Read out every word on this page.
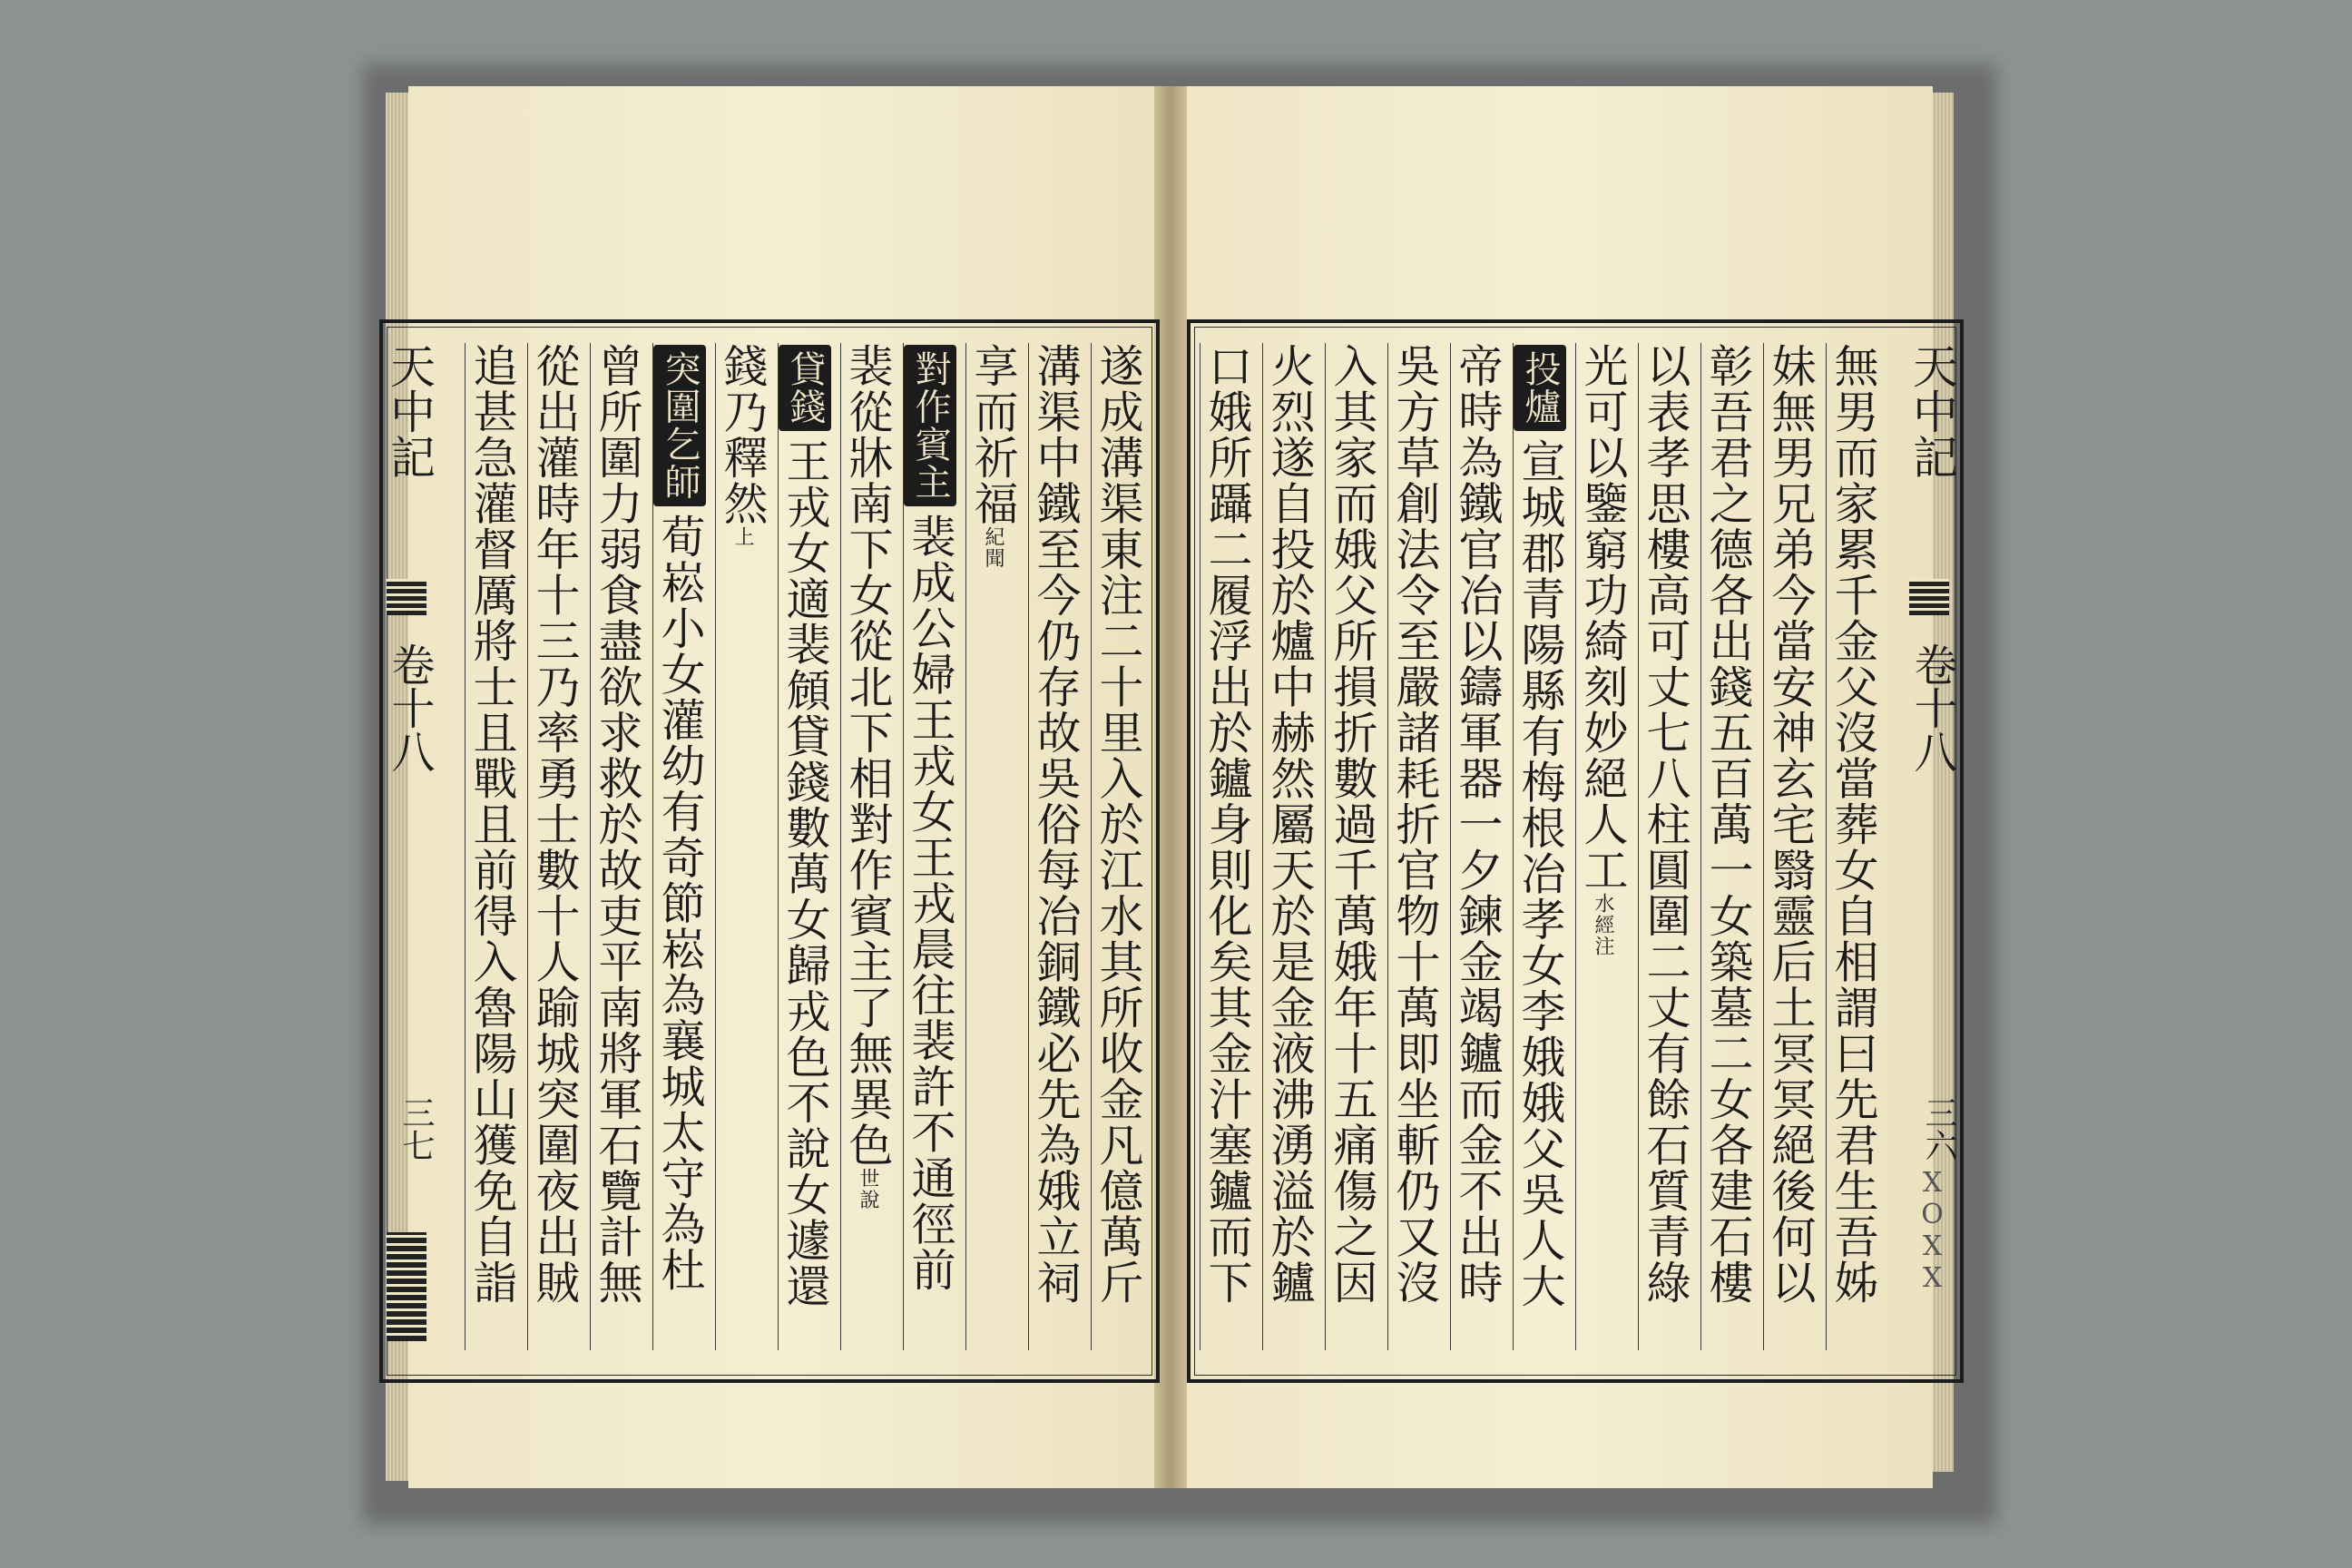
遂成溝渠東注二十里入於江水其所收金凡億萬斤
溝渠中鐵至今仍存故吳俗每冶銅鐵必先為娥立祠
享而祈福紀聞
對作賓主裴成公婦王戎女王戎晨往裴許不通徑前
裴從牀南下女從北下相對作賓主了無異色世說
貸錢王戎女適裴頠貸錢數萬女歸戎色不說女遽還
錢乃釋然上
突圍乞師荀崧小女灌幼有奇節崧為襄城太守為杜
曾所圍力弱食盡欲求救於故吏平南將軍石覽計無
從出灌時年十三乃率勇士數十人踰城突圍夜出賊
追甚急灌督厲將士且戰且前得入魯陽山獲免自詣
天中記
卷十八
三七	無男而家累千金父沒當葬女自相謂曰先君生吾姊
妹無男兄弟今當安神玄宅翳靈后土冥冥絕後何以
彰吾君之德各出錢五百萬一女築墓二女各建石樓
以表孝思樓高可丈七八柱圓圍二丈有餘石質青綠
光可以鑒窮功綺刻妙絕人工水經注
投爐宣城郡青陽縣有梅根冶孝女李娥娥父吳人大
帝時為鐵官冶以鑄軍器一夕鍊金竭鑪而金不出時
吳方草創法令至嚴諸耗折官物十萬即坐斬仍又沒
入其家而娥父所損折數過千萬娥年十五痛傷之因
火烈遂自投於爐中赫然屬天於是金液沸湧溢於鑪
口娥所躡二履浮出於鑪身則化矣其金汁塞鑪而下	天中記
卷十八
三六
XOXX
